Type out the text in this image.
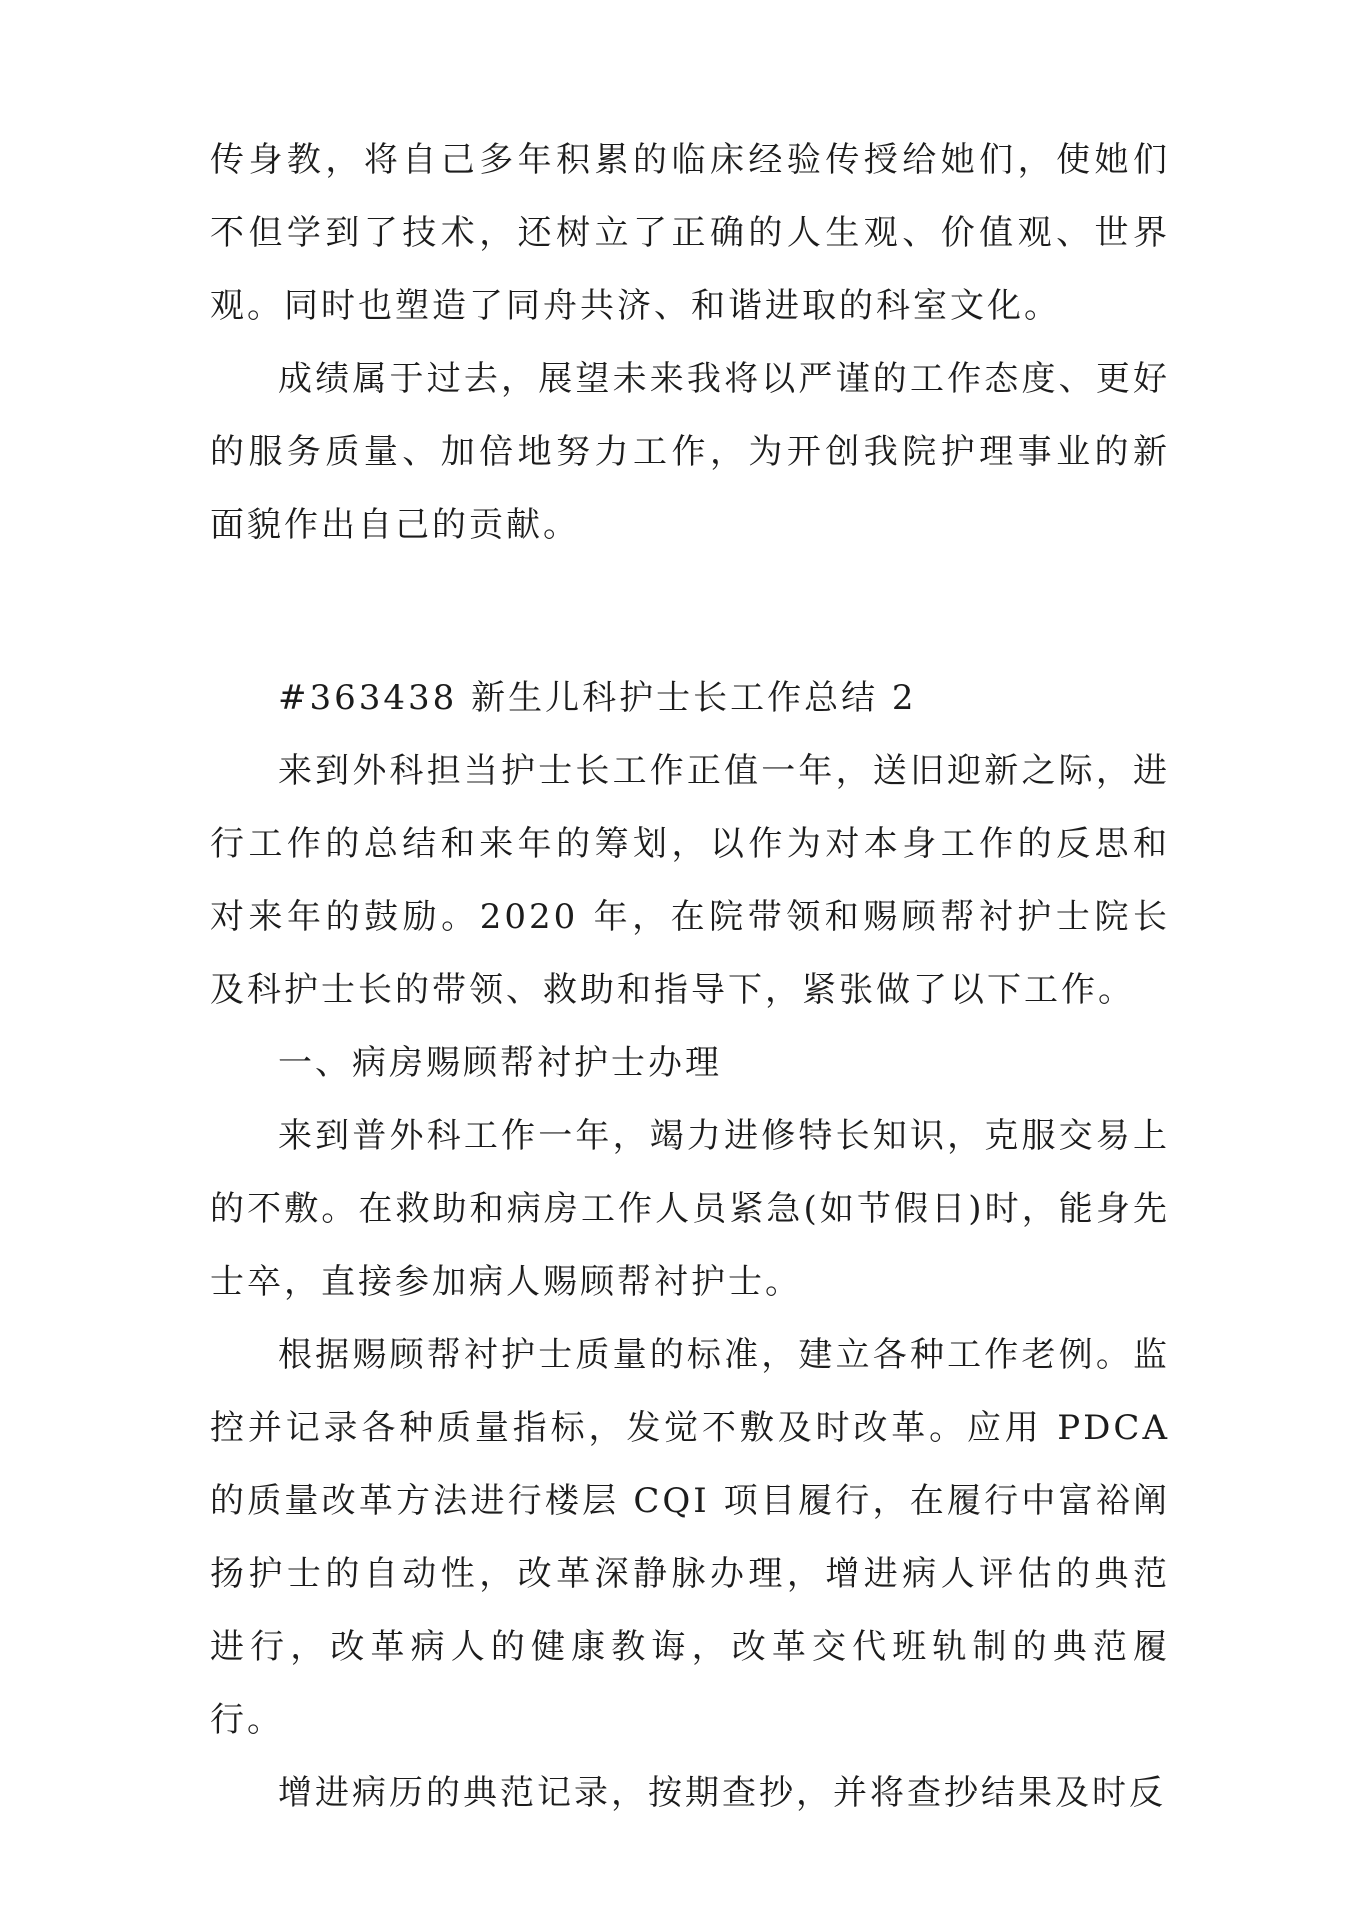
传身教，将自己多年积累的临床经验传授给她们，使她们不但学到了技术，还树立了正确的人生观、价值观、世界观。同时也塑造了同舟共济、和谐进取的科室文化。

成绩属于过去，展望未来我将以严谨的工作态度、更好的服务质量、加倍地努力工作，为开创我院护理事业的新面貌作出自己的贡献。

#363438 新生儿科护士长工作总结 2

来到外科担当护士长工作正值一年，送旧迎新之际，进行工作的总结和来年的筹划，以作为对本身工作的反思和对来年的鼓励。2020 年，在院带领和赐顾帮衬护士院长及科护士长的带领、救助和指导下，紧张做了以下工作。

一、病房赐顾帮衬护士办理

来到普外科工作一年，竭力进修特长知识，克服交易上的不敷。在救助和病房工作人员紧急(如节假日)时，能身先士卒，直接参加病人赐顾帮衬护士。

根据赐顾帮衬护士质量的标准，建立各种工作老例。监控并记录各种质量指标，发觉不敷及时改革。应用 PDCA 的质量改革方法进行楼层 CQI 项目履行，在履行中富裕阐扬护士的自动性，改革深静脉办理，增进病人评估的典范进行，改革病人的健康教诲，改革交代班轨制的典范履行。

增进病历的典范记录，按期查抄，并将查抄结果及时反
